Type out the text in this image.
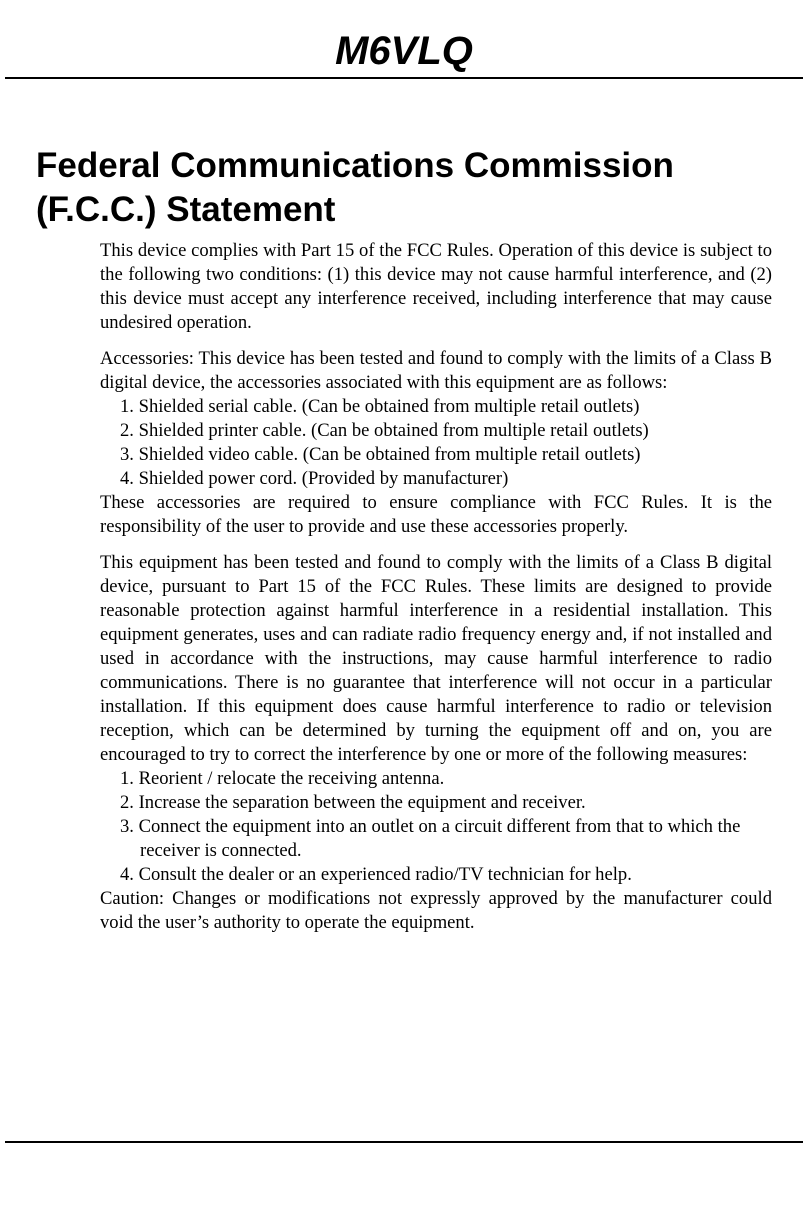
M6VLQ
Federal Communications Commission
(F.C.C.) Statement

This device complies with Part 15 of the FCC Rules. Operation of this device is subject to the following two conditions: (1) this device may not cause harmful interference, and (2) this device must accept any interference received, including interference that may cause undesired operation.

Accessories: This device has been tested and found to comply with the limits of a Class B digital device, the accessories associated with this equipment are as follows:

1. Shielded serial cable. (Can be obtained from multiple retail outlets)
2. Shielded printer cable. (Can be obtained from multiple retail outlets)
3. Shielded video cable. (Can be obtained from multiple retail outlets)
4. Shielded power cord. (Provided by manufacturer)

These accessories are required to ensure compliance with FCC Rules. It is the responsibility of the user to provide and use these accessories properly.

This equipment has been tested and found to comply with the limits of a Class B digital device, pursuant to Part 15 of the FCC Rules. These limits are designed to provide reasonable protection against harmful interference in a residential installation. This equipment generates, uses and can radiate radio frequency energy and, if not installed and used in accordance with the instructions, may cause harmful interference to radio communications. There is no guarantee that interference will not occur in a particular installation. If this equipment does cause harmful interference to radio or television reception, which can be determined by turning the equipment off and on, you are encouraged to try to correct the interference by one or more of the following measures:

1. Reorient / relocate the receiving antenna.
2. Increase the separation between the equipment and receiver.
3. Connect the equipment into an outlet on a circuit different from that to which the receiver is connected.
4. Consult the dealer or an experienced radio/TV technician for help.

Caution: Changes or modifications not expressly approved by the manufacturer could void the user’s authority to operate the equipment.
